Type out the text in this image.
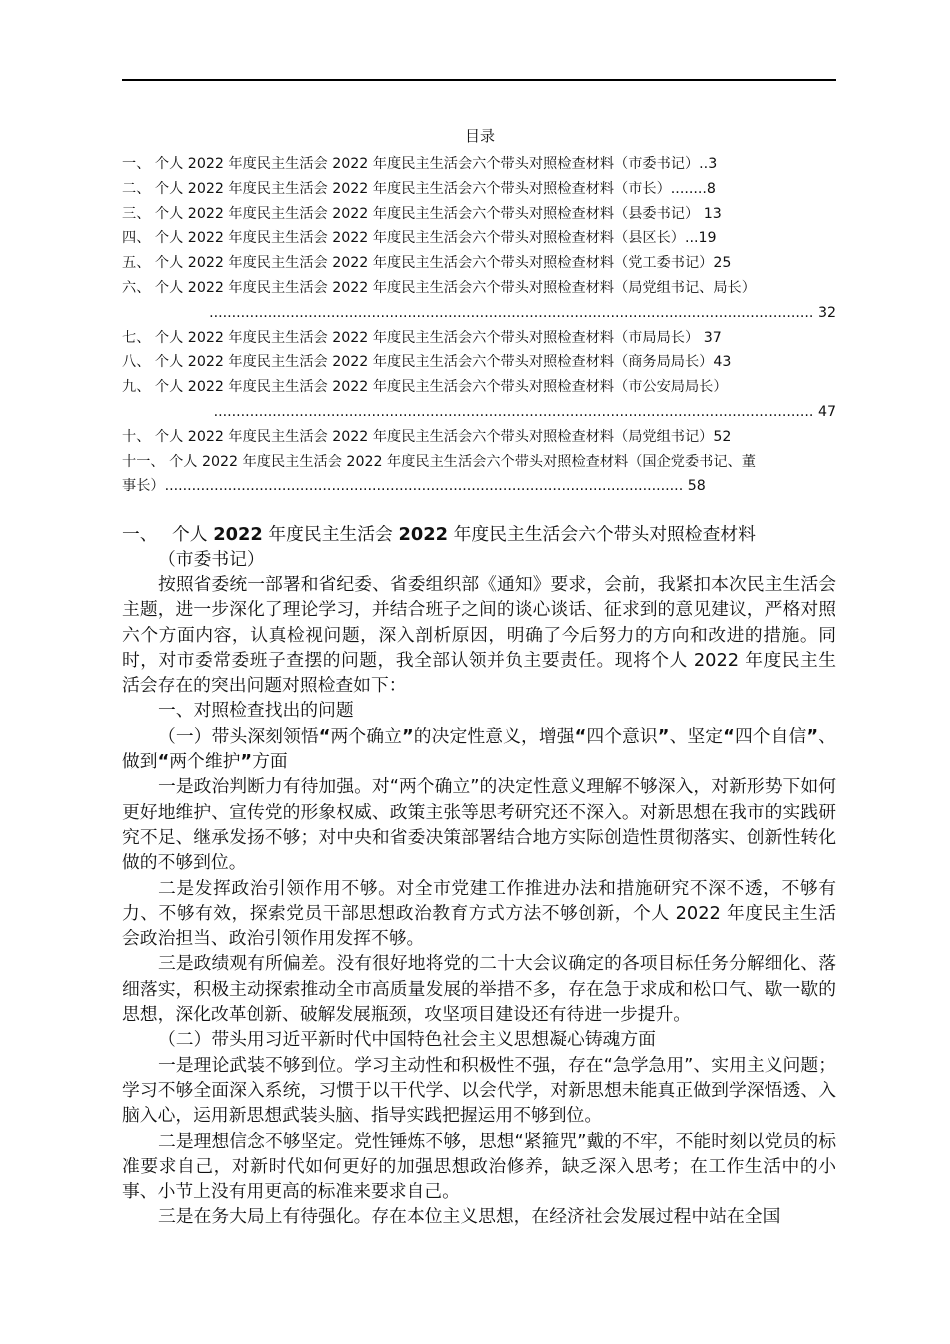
目录
一、 个人 2022 年度民主生活会 2022 年度民主生活会六个带头对照检查材料（市委书记）..3
二、 个人 2022 年度民主生活会 2022 年度民主生活会六个带头对照检查材料（市长）........8
三、 个人 2022 年度民主生活会 2022 年度民主生活会六个带头对照检查材料（县委书记） 13
四、 个人 2022 年度民主生活会 2022 年度民主生活会六个带头对照检查材料（县区长）...19
五、 个人 2022 年度民主生活会 2022 年度民主生活会六个带头对照检查材料（党工委书记）25
六、 个人 2022 年度民主生活会 2022 年度民主生活会六个带头对照检查材料（局党组书记、局长）
...................................................................................................................................... 32
七、 个人 2022 年度民主生活会 2022 年度民主生活会六个带头对照检查材料（市局局长） 37
八、 个人 2022 年度民主生活会 2022 年度民主生活会六个带头对照检查材料（商务局局长）43
九、 个人 2022 年度民主生活会 2022 年度民主生活会六个带头对照检查材料（市公安局局长）
..................................................................................................................................... 47
十、 个人 2022 年度民主生活会 2022 年度民主生活会六个带头对照检查材料（局党组书记）52
十一、 个人 2022 年度民主生活会 2022 年度民主生活会六个带头对照检查材料（国企党委书记、董
事长）................................................................................................................... 58
一、 个人 2022 年度民主生活会 2022 年度民主生活会六个带头对照检查材料
（市委书记）

按照省委统一部署和省纪委、省委组织部《通知》要求，会前，我紧扣本次民主生活会主题，进一步深化了理论学习，并结合班子之间的谈心谈话、征求到的意见建议，严格对照六个方面内容，认真检视问题，深入剖析原因，明确了今后努力的方向和改进的措施。同时，对市委常委班子查摆的问题，我全部认领并负主要责任。现将个人 2022 年度民主生活会存在的突出问题对照检查如下：

一、对照检查找出的问题

（一）带头深刻领悟“两个确立”的决定性意义，增强“四个意识”、坚定“四个自信”、做到“两个维护”方面

一是政治判断力有待加强。对“两个确立”的决定性意义理解不够深入，对新形势下如何更好地维护、宣传党的形象权威、政策主张等思考研究还不深入。对新思想在我市的实践研究不足、继承发扬不够；对中央和省委决策部署结合地方实际创造性贯彻落实、创新性转化做的不够到位。

二是发挥政治引领作用不够。对全市党建工作推进办法和措施研究不深不透，不够有力、不够有效，探索党员干部思想政治教育方式方法不够创新，个人 2022 年度民主生活会政治担当、政治引领作用发挥不够。

三是政绩观有所偏差。没有很好地将党的二十大会议确定的各项目标任务分解细化、落细落实，积极主动探索推动全市高质量发展的举措不多，存在急于求成和松口气、歇一歇的思想，深化改革创新、破解发展瓶颈，攻坚项目建设还有待进一步提升。

（二）带头用习近平新时代中国特色社会主义思想凝心铸魂方面

一是理论武装不够到位。学习主动性和积极性不强，存在“急学急用”、实用主义问题；学习不够全面深入系统，习惯于以干代学、以会代学，对新思想未能真正做到学深悟透、入脑入心，运用新思想武装头脑、指导实践把握运用不够到位。

二是理想信念不够坚定。党性锤炼不够，思想“紧箍咒”戴的不牢，不能时刻以党员的标准要求自己，对新时代如何更好的加强思想政治修养，缺乏深入思考；在工作生活中的小事、小节上没有用更高的标准来要求自己。

三是在务大局上有待强化。存在本位主义思想，在经济社会发展过程中站在全国
